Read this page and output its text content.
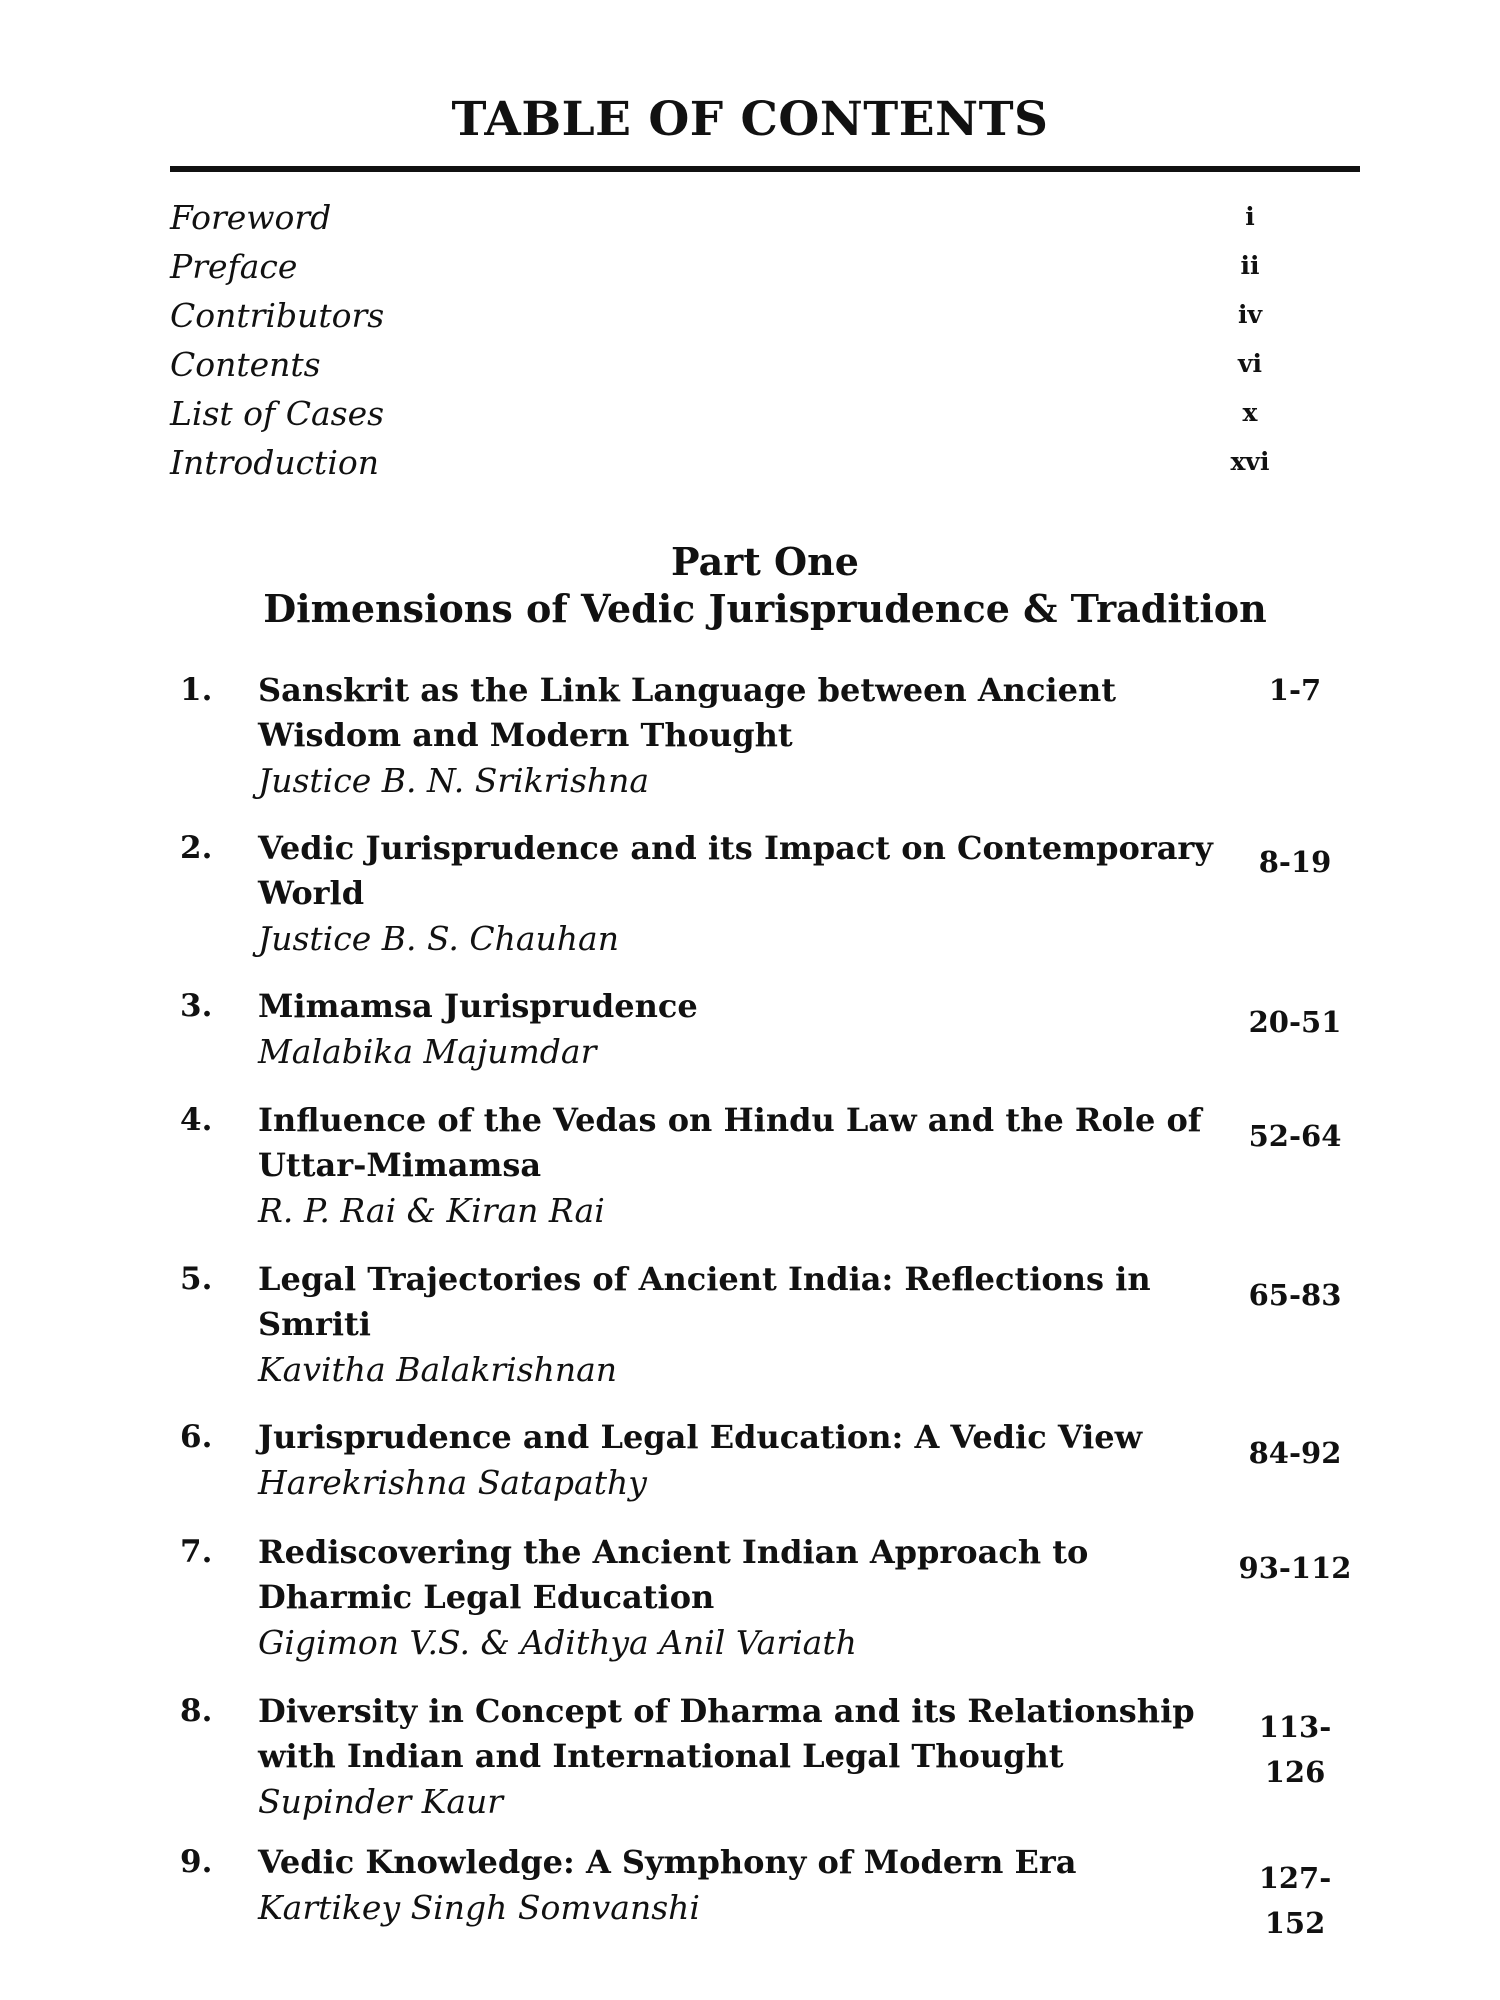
TABLE OF CONTENTS
Foreword	i
Preface	ii
Contributors	iv
Contents	vi
List of Cases	x
Introduction	xvi
Part One
Dimensions of Vedic Jurisprudence & Tradition
1. Sanskrit as the Link Language between Ancient
Wisdom and Modern Thought
Justice B. N. Srikrishna
1-7
2. Vedic Jurisprudence and its Impact on Contemporary
World
Justice B. S. Chauhan
8-19
3. Mimamsa Jurisprudence
Malabika Majumdar
20-51
4. Influence of the Vedas on Hindu Law and the Role of
Uttar-Mimamsa
R. P. Rai & Kiran Rai
52-64
5. Legal Trajectories of Ancient India: Reflections in
Smriti
Kavitha Balakrishnan
65-83
6. Jurisprudence and Legal Education: A Vedic View
Harekrishna Satapathy
84-92
7. Rediscovering the Ancient Indian Approach to
Dharmic Legal Education
Gigimon V.S. & Adithya Anil Variath
93-112
8. Diversity in Concept of Dharma and its Relationship
with Indian and International Legal Thought
Supinder Kaur
113-126
9. Vedic Knowledge: A Symphony of Modern Era
Kartikey Singh Somvanshi
127-152
